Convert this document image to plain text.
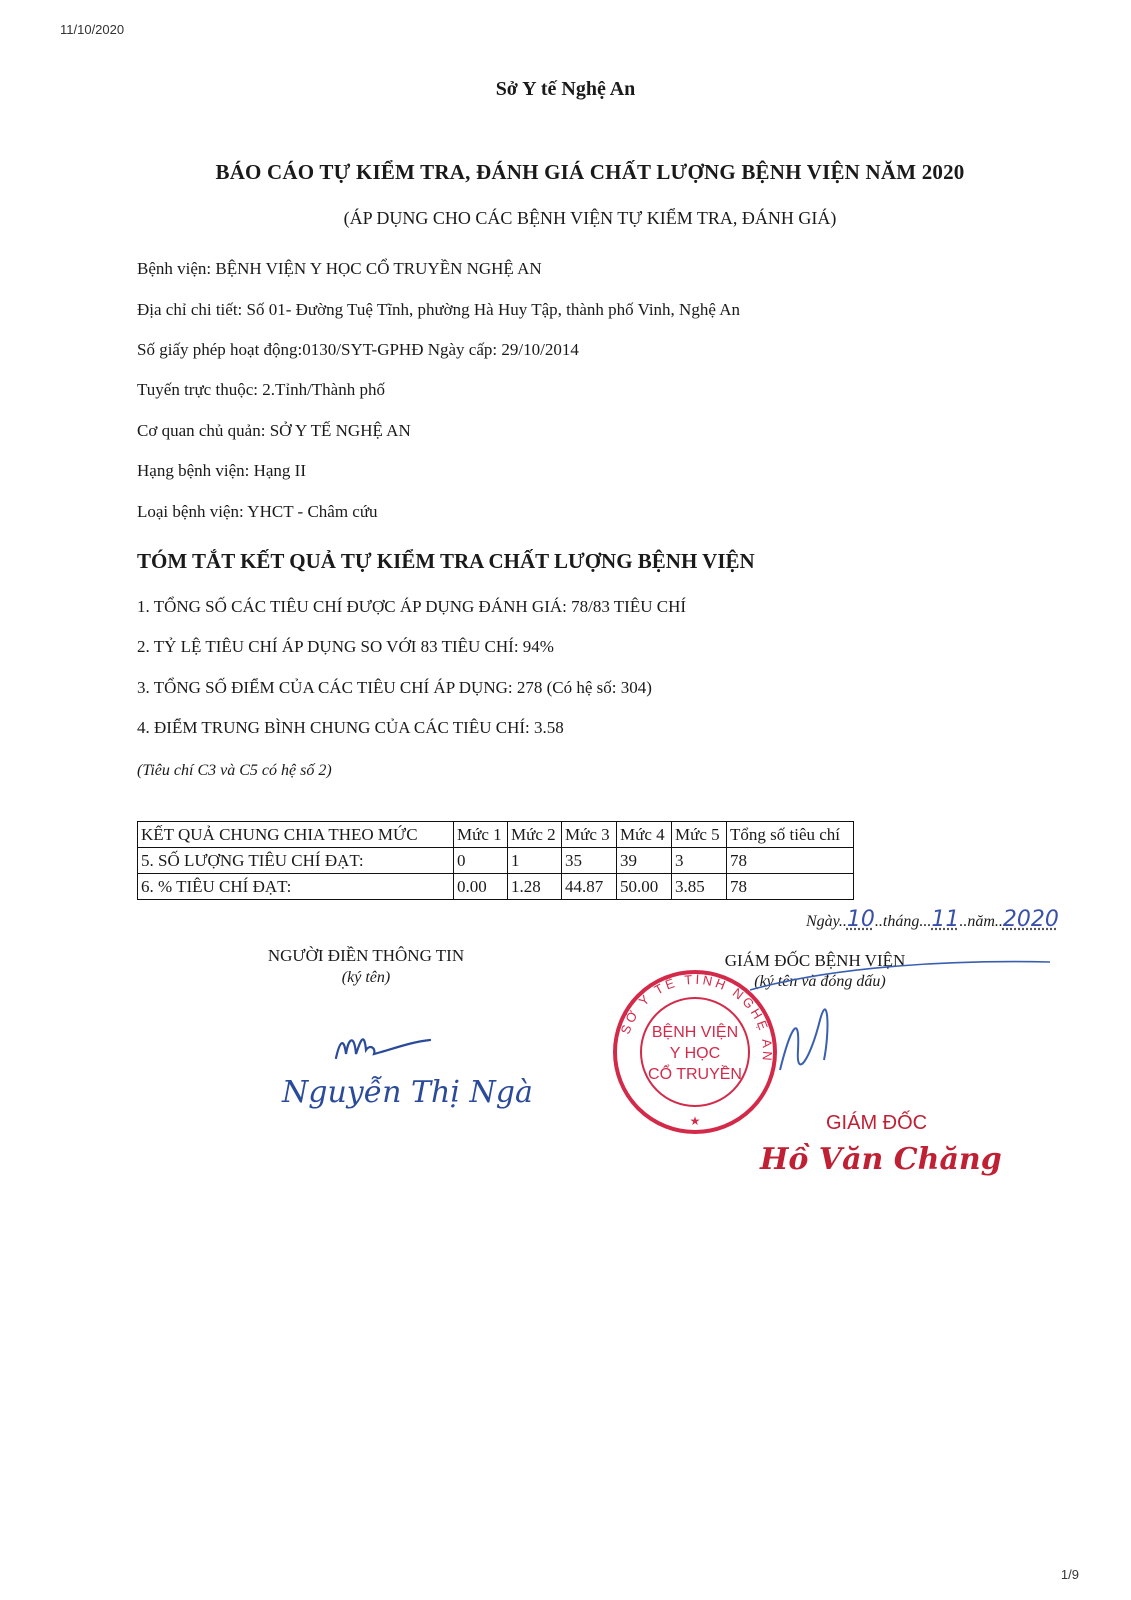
11/10/2020
Sở Y tế Nghệ An
BÁO CÁO TỰ KIỂM TRA, ĐÁNH GIÁ CHẤT LƯỢNG BỆNH VIỆN NĂM 2020
(ÁP DỤNG CHO CÁC BỆNH VIỆN TỰ KIỂM TRA, ĐÁNH GIÁ)
Bệnh viện: BỆNH VIỆN Y HỌC CỔ TRUYỀN NGHỆ AN
Địa chỉ chi tiết: Số 01- Đường Tuệ Tĩnh, phường Hà Huy Tập, thành phố Vinh, Nghệ An
Số giấy phép hoạt động:0130/SYT-GPHĐ Ngày cấp: 29/10/2014
Tuyến trực thuộc: 2.Tỉnh/Thành phố
Cơ quan chủ quản: SỞ Y TẾ NGHỆ AN
Hạng bệnh viện: Hạng II
Loại bệnh viện: YHCT - Châm cứu
TÓM TẮT KẾT QUẢ TỰ KIỂM TRA CHẤT LƯỢNG BỆNH VIỆN
1. TỔNG SỐ CÁC TIÊU CHÍ ĐƯỢC ÁP DỤNG ĐÁNH GIÁ: 78/83 TIÊU CHÍ
2. TỶ LỆ TIÊU CHÍ ÁP DỤNG SO VỚI 83 TIÊU CHÍ: 94%
3. TỔNG SỐ ĐIỂM CỦA CÁC TIÊU CHÍ ÁP DỤNG: 278 (Có hệ số: 304)
4. ĐIỂM TRUNG BÌNH CHUNG CỦA CÁC TIÊU CHÍ: 3.58
(Tiêu chí C3 và C5 có hệ số 2)
KẾT QUẢ CHUNG CHIA THEO MỨC	Mức 1	Mức 2	Mức 3	Mức 4	Mức 5	Tổng số tiêu chí
5. SỐ LƯỢNG TIÊU CHÍ ĐẠT:	0	1	35	39	3	78
6. % TIÊU CHÍ ĐẠT:	0.00	1.28	44.87	50.00	3.85	78
Ngày..10..tháng...11..năm..2020
NGƯỜI ĐIỀN THÔNG TIN
(ký tên)
GIÁM ĐỐC BỆNH VIỆN
(ký tên và đóng dấu)
Nguyễn Thị Ngà
SỞ Y TẾ TỈNH NGHỆ AN
BỆNH VIỆN
Y HỌC
CỔ TRUYỀN
★	GIÁM ĐỐC
Hồ Văn Chăng
1/9
